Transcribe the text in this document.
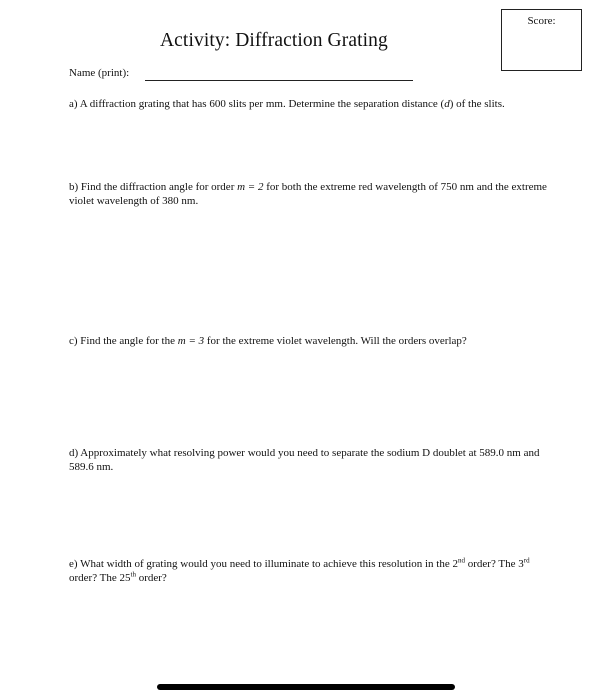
Score:
Activity: Diffraction Grating
Name (print):
a) A diffraction grating that has 600 slits per mm. Determine the separation distance (d) of the slits.
b) Find the diffraction angle for order m = 2 for both the extreme red wavelength of 750 nm and the extreme violet wavelength of 380 nm.
c) Find the angle for the m = 3 for the extreme violet wavelength. Will the orders overlap?
d) Approximately what resolving power would you need to separate the sodium D doublet at 589.0 nm and 589.6 nm.
e) What width of grating would you need to illuminate to achieve this resolution in the 2nd order? The 3rd order? The 25th order?
